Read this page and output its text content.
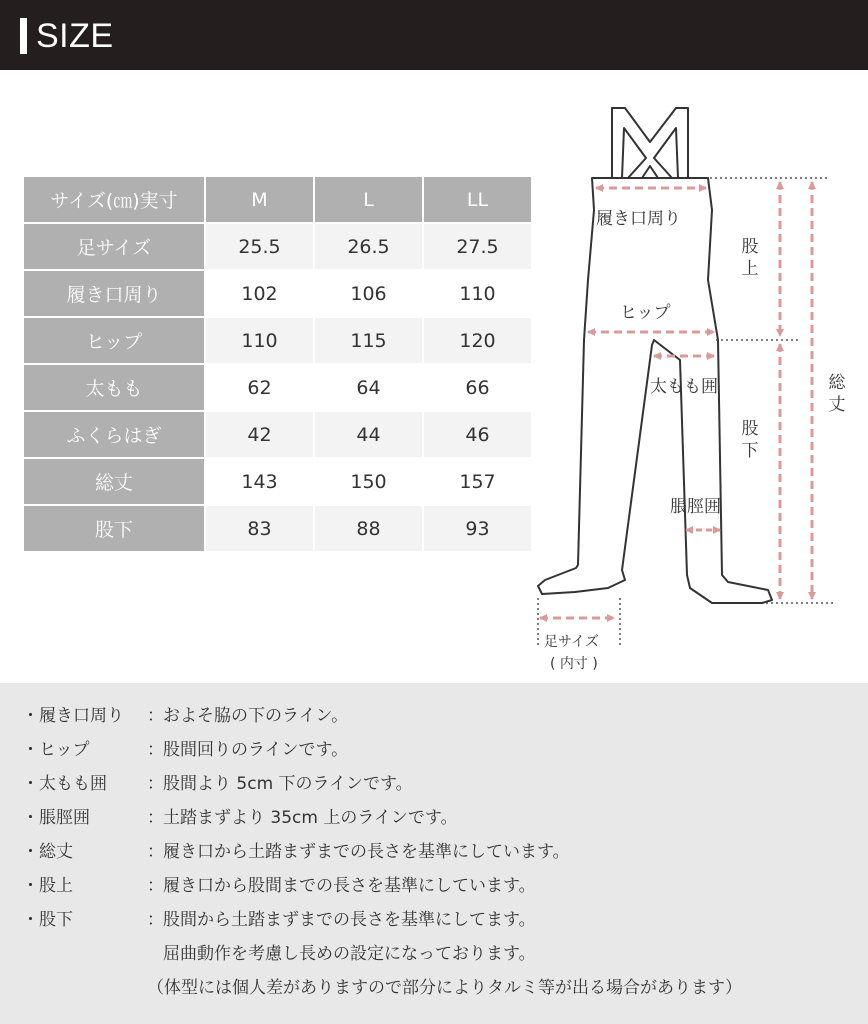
SIZE
サイズ(㎝)実寸	M	L	LL
足サイズ	25.5	26.5	27.5
履き口周り	102	106	110
ヒップ	110	115	120
太もも	62	64	66
ふくらはぎ	42	44	46
総丈	143	150	157
股下	83	88	93
履き口周り
ヒップ
太もも囲
脹脛囲
股
上
股
下
総
丈
足サイズ
( 内寸 )
・履き口周り ：およそ脇の下のライン。
・ヒップ	：股間回りのラインです。
・太もも囲 ：股間より 5cm 下のラインです。
・脹脛囲	：土踏まずより 35cm 上のラインです。
・総丈	：履き口から土踏まずまでの長さを基準にしています。
・股上	：履き口から股間までの長さを基準にしています。
・股下	：股間から土踏まずまでの長さを基準にしてます。
屈曲動作を考慮し長めの設定になっております。
（体型には個人差がありますので部分によりタルミ等が出る場合があります）
